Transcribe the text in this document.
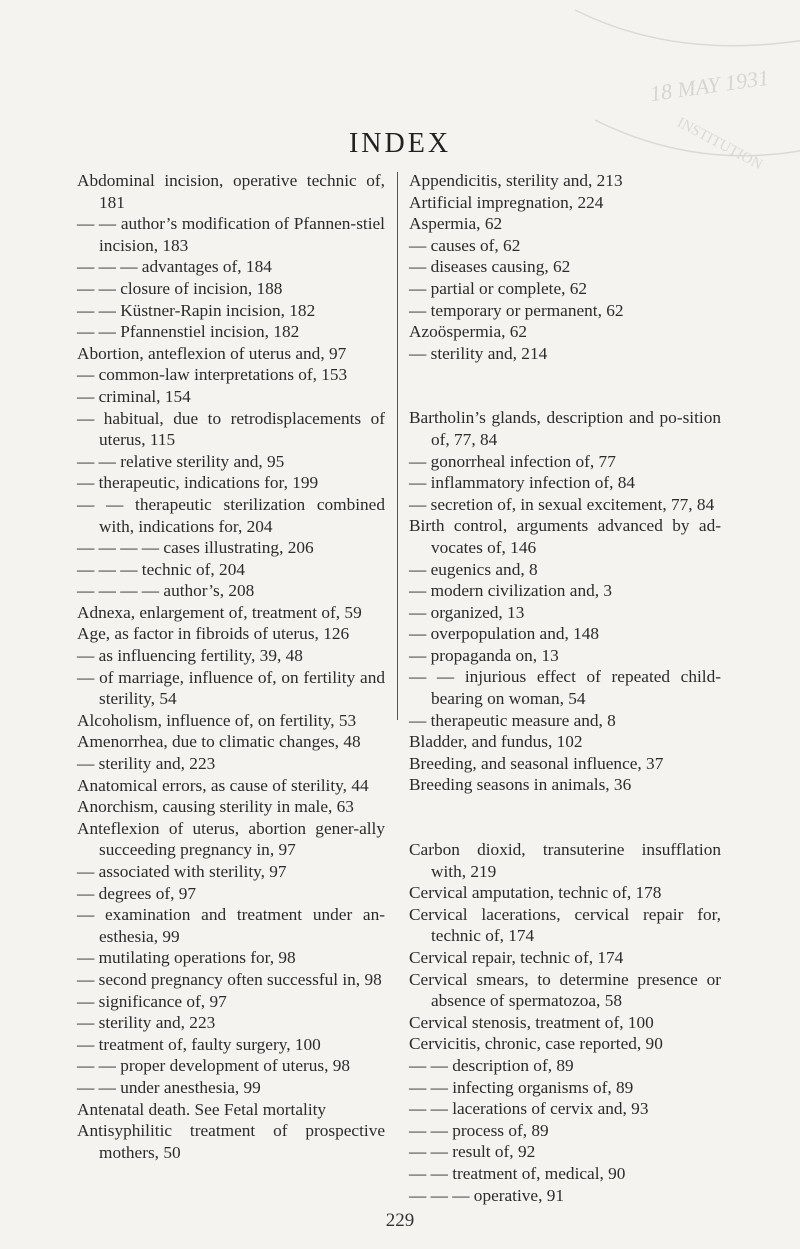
18 MAY 1931
INSTITUTION
INDEX
Abdominal incision, operative technic of, 181
— — author’s modification of Pfannen-stiel incision, 183
— — — advantages of, 184
— — closure of incision, 188
— — Küstner-Rapin incision, 182
— — Pfannenstiel incision, 182
Abortion, anteflexion of uterus and, 97
— common-law interpretations of, 153
— criminal, 154
— habitual, due to retrodisplacements of uterus, 115
— — relative sterility and, 95
— therapeutic, indications for, 199
— — therapeutic sterilization combined with, indications for, 204
— — — — cases illustrating, 206
— — — technic of, 204
— — — — author’s, 208
Adnexa, enlargement of, treatment of, 59
Age, as factor in fibroids of uterus, 126
— as influencing fertility, 39, 48
— of marriage, influence of, on fertility and sterility, 54
Alcoholism, influence of, on fertility, 53
Amenorrhea, due to climatic changes, 48
— sterility and, 223
Anatomical errors, as cause of sterility, 44
Anorchism, causing sterility in male, 63
Anteflexion of uterus, abortion gener-ally succeeding pregnancy in, 97
— associated with sterility, 97
— degrees of, 97
— examination and treatment under an-esthesia, 99
— mutilating operations for, 98
— second pregnancy often successful in, 98
— significance of, 97
— sterility and, 223
— treatment of, faulty surgery, 100
— — proper development of uterus, 98
— — under anesthesia, 99
Antenatal death. See Fetal mortality
Antisyphilitic treatment of prospective mothers, 50
Appendicitis, sterility and, 213
Artificial impregnation, 224
Aspermia, 62
— causes of, 62
— diseases causing, 62
— partial or complete, 62
— temporary or permanent, 62
Azoöspermia, 62
— sterility and, 214
Bartholin’s glands, description and po-sition of, 77, 84
— gonorrheal infection of, 77
— inflammatory infection of, 84
— secretion of, in sexual excitement, 77, 84
Birth control, arguments advanced by ad-vocates of, 146
— eugenics and, 8
— modern civilization and, 3
— organized, 13
— overpopulation and, 148
— propaganda on, 13
— — injurious effect of repeated child-bearing on woman, 54
— therapeutic measure and, 8
Bladder, and fundus, 102
Breeding, and seasonal influence, 37
Breeding seasons in animals, 36
Carbon dioxid, transuterine insufflation with, 219
Cervical amputation, technic of, 178
Cervical lacerations, cervical repair for, technic of, 174
Cervical repair, technic of, 174
Cervical smears, to determine presence or absence of spermatozoa, 58
Cervical stenosis, treatment of, 100
Cervicitis, chronic, case reported, 90
— — description of, 89
— — infecting organisms of, 89
— — lacerations of cervix and, 93
— — process of, 89
— — result of, 92
— — treatment of, medical, 90
— — — operative, 91
229
